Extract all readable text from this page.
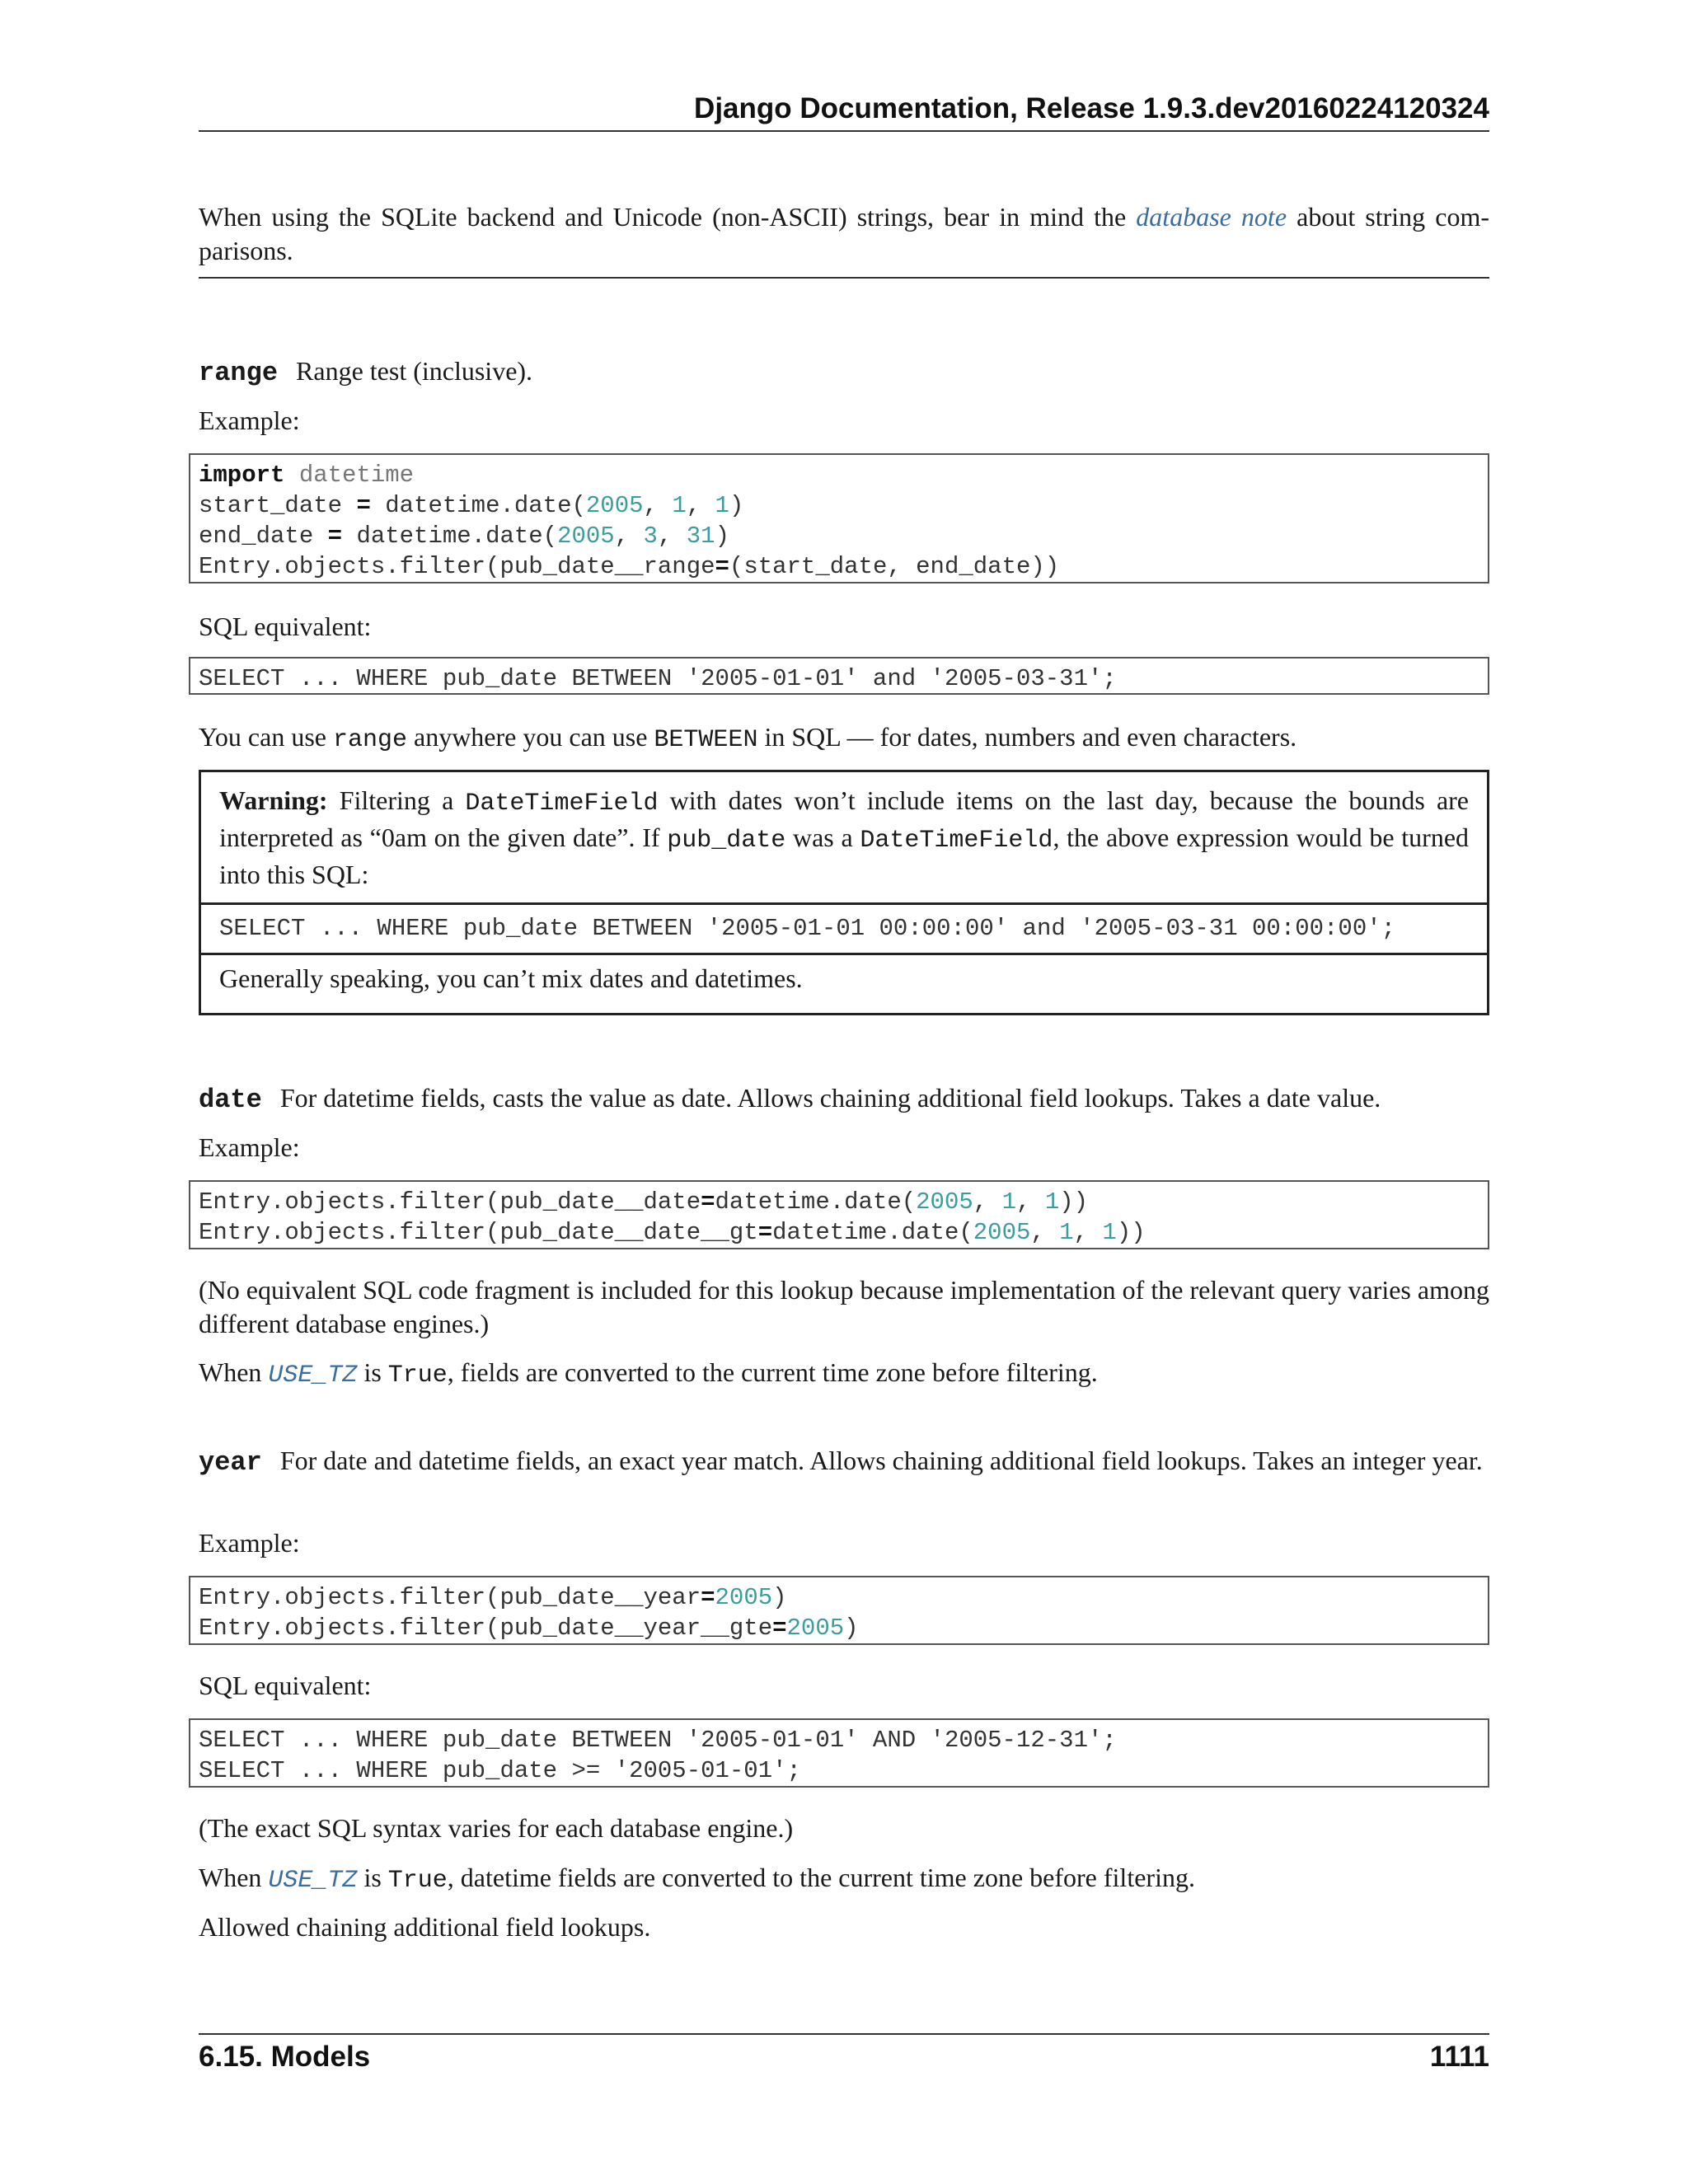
Django Documentation, Release 1.9.3.dev20160224120324
When using the SQLite backend and Unicode (non-ASCII) strings, bear in mind the database note about string com-parisons.
range Range test (inclusive).
Example:
import datetime
start_date = datetime.date(2005, 1, 1)
end_date = datetime.date(2005, 3, 31)
Entry.objects.filter(pub_date__range=(start_date, end_date))
SQL equivalent:
SELECT ... WHERE pub_date BETWEEN '2005-01-01' and '2005-03-31';
You can use range anywhere you can use BETWEEN in SQL — for dates, numbers and even characters.
Warning: Filtering a DateTimeField with dates won’t include items on the last day, because the bounds are interpreted as “0am on the given date”. If pub_date was a DateTimeField, the above expression would be turned into this SQL:
SELECT ... WHERE pub_date BETWEEN '2005-01-01 00:00:00' and '2005-03-31 00:00:00';
Generally speaking, you can’t mix dates and datetimes.
date For datetime fields, casts the value as date. Allows chaining additional field lookups. Takes a date value.
Example:
Entry.objects.filter(pub_date__date=datetime.date(2005, 1, 1))
Entry.objects.filter(pub_date__date__gt=datetime.date(2005, 1, 1))
(No equivalent SQL code fragment is included for this lookup because implementation of the relevant query varies among different database engines.)
When USE_TZ is True, fields are converted to the current time zone before filtering.
year For date and datetime fields, an exact year match. Allows chaining additional field lookups. Takes an integer year.
Example:
Entry.objects.filter(pub_date__year=2005)
Entry.objects.filter(pub_date__year__gte=2005)
SQL equivalent:
SELECT ... WHERE pub_date BETWEEN '2005-01-01' AND '2005-12-31';
SELECT ... WHERE pub_date >= '2005-01-01';
(The exact SQL syntax varies for each database engine.)
When USE_TZ is True, datetime fields are converted to the current time zone before filtering.
Allowed chaining additional field lookups.
6.15. Models	1111
